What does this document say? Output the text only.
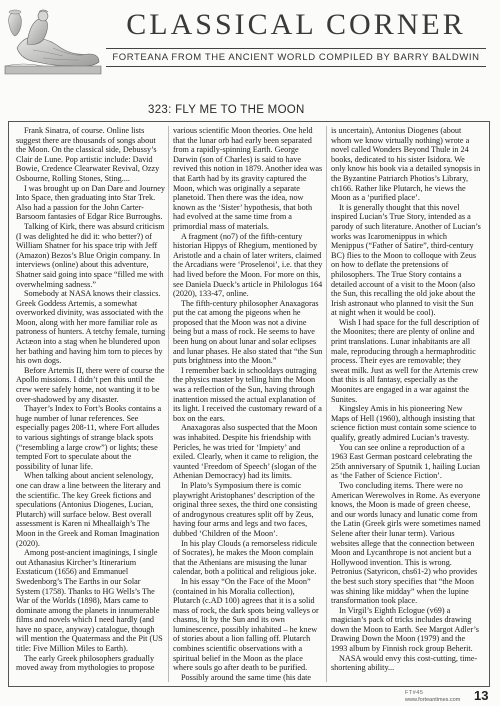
CLASSICAL CORNER
FORTEANA FROM THE ANCIENT WORLD COMPILED BY BARRY BALDWIN
323: FLY ME TO THE MOON

Frank Sinatra, of course. Online lists suggest there are thousands of songs about the Moon. On the classical side, Debussy’s Clair de Lune. Pop artistic include: David Bowie, Credence Clearwater Revival, Ozzy Osbourne, Rolling Stones, Sting....

I was brought up on Dan Dare and Journey Into Space, then graduating into Star Trek. Also had a passion for the John Carter-Barsoom fantasies of Edgar Rice Burroughs.

Talking of Kirk, there was absurd criticism (I was delighted he did it: who better?) of William Shatner for his space trip with Jeff (Amazon) Bezos’s Blue Origin company. In interviews (online) about this adventure, Shatner said going into space “filled me with overwhelming sadness.”

Somebody at NASA knows their classics. Greek Goddess Artemis, a somewhat overworked divinity, was associated with the Moon, along with her more familiar role as patroness of hunters. A tetchy female, turning Actæon into a stag when he blundered upon her bathing and having him torn to pieces by his own dogs.

Before Artemis II, there were of course the Apollo missions. I didn’t pen this until the crew were safely home, not wanting it to be over-shadowed by any disaster.

Thayer’s Index to Fort’s Books contains a huge number of lunar references. See especially pages 208-11, where Fort alludes to various sightings of strange black spots (“resembling a large crow”) or lights; these tempted Fort to speculate about the possibility of lunar life.

When talking about ancient selenology, one can draw a line between the literary and the scientific. The key Greek fictions and speculations (Antonius Diogenes, Lucian, Plutarch) will surface below. Best overall assessment is Karen ni Mheallaigh’s The Moon in the Greek and Roman Imagination (2020).

Among post-ancient imaginings, I single out Athanasius Kircher’s Itinerarium Exstaticum (1656) and Emmanuel Swedenborg’s The Earths in our Solar System (1758). Thanks to HG Wells’s The War of the Worlds (1898), Mars came to dominate among the planets in innumerable films and novels which I need hardly (and have no space, anyway) catalogue, though will mention the Quatermass and the Pit (US title: Five Million Miles to Earth).

The early Greek philosophers gradually moved away from mythologies to propose

various scientific Moon theories. One held that the lunar orb had early been separated from a rapidly-spinning Earth. George Darwin (son of Charles) is said to have revived this notion in 1879. Another idea was that Earth had by its gravity captured the Moon, which was originally a separate planetoid. Then there was the idea, now known as the ‘Sister’ hypothesis, that both had evolved at the same time from a primordial mass of materials.

A fragment (no7) of the fifth-century historian Hippys of Rhegium, mentioned by Aristotle and a chain of later writers, claimed the Arcadians were ‘Proselenoi’, i.e. that they had lived before the Moon. For more on this, see Daniela Dueck’s article in Philologus 164 (2020), 133-47, online.

The fifth-century philosopher Anaxagoras put the cat among the pigeons when he proposed that the Moon was not a divine being but a mass of rock. He seems to have been hung on about lunar and solar eclipses and lunar phases. He also stated that “the Sun puts brightness into the Moon.”

I remember back in schooldays outraging the physics master by telling him the Moon was a reflection of the Sun, having through inattention missed the actual explanation of its light. I received the customary reward of a box on the ears.

Anaxagoras also suspected that the Moon was inhabited. Despite his friendship with Pericles, he was tried for ‘Impiety’ and exiled. Clearly, when it came to religion, the vaunted ‘Freedom of Speech’ (slogan of the Athenian Democracy) had its limits.

In Plato’s Symposium there is comic playwright Aristophanes’ description of the original three sexes, the third one consisting of androgynous creatures split off by Zeus, having four arms and legs and two faces, dubbed ‘Children of the Moon’.

In his play Clouds (a remorseless ridicule of Socrates), he makes the Moon complain that the Athenians are misusing the lunar calendar, both a political and religious joke.

In his essay “On the Face of the Moon” (contained in his Moralia collection), Plutarch (c.AD 100) agrees that it is a solid mass of rock, the dark spots being valleys or chasms, lit by the Sun and its own luminescence, possibly inhabited – he knew of stories about a lion falling off. Plutarch combines scientific observations with a spiritual belief in the Moon as the place where souls go after death to be purified.

Possibly around the same time (his date

is uncertain), Antonius Diogenes (about whom we know virtually nothing) wrote a novel called Wonders Beyond Thule in 24 books, dedicated to his sister Isidora. We only know his book via a detailed synopsis in the Byzantine Patriarch Photios’s Library, ch166. Rather like Plutarch, he views the Moon as a ‘purified place’.

It is generally thought that this novel inspired Lucian’s True Story, intended as a parody of such literature. Another of Lucian’s works was Icaromenippus in which Menippus (“Father of Satire”, third-century BC) flies to the Moon to colloque with Zeus on how to deflate the pretensions of philosophers. The True Story contains a detailed account of a visit to the Moon (also the Sun, this recalling the old joke about the Irish astronaut who planned to visit the Sun at night when it would be cool).

Wish I had space for the full description of the Moonites; there are plenty of online and print translations. Lunar inhabitants are all male, reproducing through a hermaphroditic process. Their eyes are removable; they sweat milk. Just as well for the Artemis crew that this is all fantasy, especially as the Moonites are engaged in a war against the Sunites.

Kingsley Amis in his pioneering New Maps of Hell (1960), although insisting that science fiction must contain some science to qualify, greatly admired Lucian’s travesty.

You can see online a reproduction of a 1963 East German postcard celebrating the 25th anniversary of Sputnik 1, hailing Lucian as ‘the Father of Science Fiction’.

Two concluding items. There were no American Werewolves in Rome. As everyone knows, the Moon is made of green cheese, and our words lunacy and lunatic come from the Latin (Greek girls were sometimes named Selene after their lunar term). Various websites allege that the connection between Moon and Lycanthrope is not ancient but a Hollywood invention. This is wrong. Petronius (Satyricon, chs61-2) who provides the best such story specifies that “the Moon was shining like midday” when the lupine transformation took place.

In Virgil’s Eighth Eclogue (v69) a magician’s pack of tricks includes drawing down the Moon to Earth. See Margot Adler’s Drawing Down the Moon (1979) and the 1993 album by Finnish rock group Beherit.

NASA would envy this cost-cutting, time-shortening ability...

FT#45
www.forteantimes.com 13
